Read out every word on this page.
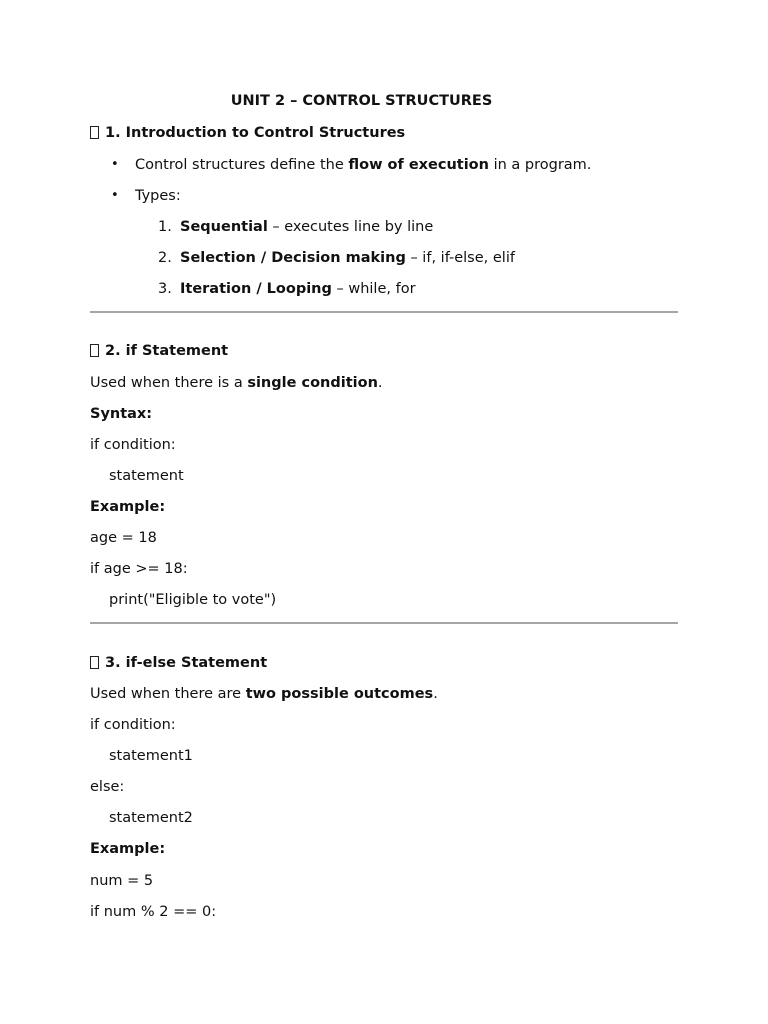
UNIT 2 – CONTROL STRUCTURES
1. Introduction to Control Structures
• Control structures define the flow of execution in a program.
• Types:
1. Sequential – executes line by line
2. Selection / Decision making – if, if-else, elif
3. Iteration / Looping – while, for
2. if Statement
Used when there is a single condition.
Syntax:
if condition:
statement
Example:
age = 18
if age >= 18:
print("Eligible to vote")
3. if-else Statement
Used when there are two possible outcomes.
if condition:
statement1
else:
statement2
Example:
num = 5
if num % 2 == 0:
